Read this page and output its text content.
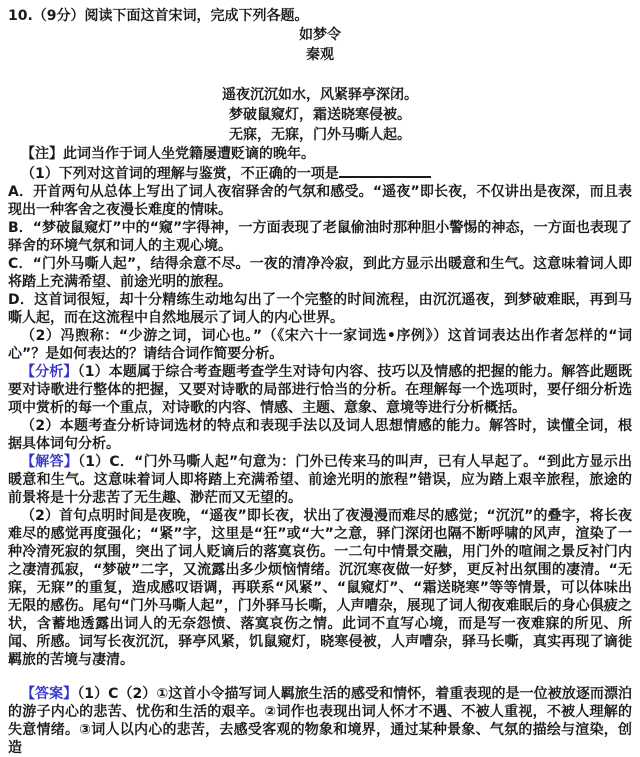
10.（9分）阅读下面这首宋词，完成下列各题。

如梦令
秦观
遥夜沉沉如水，风紧驿亭深闭。
梦破鼠窥灯，霜送晓寒侵被。
无寐，无寐，门外马嘶人起。

【注】此词当作于词人坐党籍屡遭贬谪的晚年。

（1）下列对这首词的理解与鉴赏，不正确的一项是

A．开首两句从总体上写出了词人夜宿驿舍的气氛和感受。“遥夜”即长夜，不仅讲出是夜深，而且表现出一种客舍之夜漫长难度的情味。

B．“梦破鼠窥灯”中的“窥”字得神，一方面表现了老鼠偷油时那种胆小警惕的神态，一方面也表现了驿舍的环境气氛和词人的主观心境。

C．“门外马嘶人起”，结得余意不尽。一夜的清净冷寂，到此方显示出暖意和生气。这意味着词人即将踏上充满希望、前途光明的旅程。

D．这首词很短，却十分精练生动地勾出了一个完整的时间流程，由沉沉遥夜，到梦破难眠，再到马嘶人起，而在这流程中自然地展示了词人的内心世界。

（2）冯煦称：“少游之词，词心也。”（《宋六十一家词选•序例》）这首词表达出作者怎样的“词心”？是如何表达的？请结合词作简要分析。

【分析】（1）本题属于综合考查题考查学生对诗句内容、技巧以及情感的把握的能力。解答此题既要对诗歌进行整体的把握，又要对诗歌的局部进行恰当的分析。在理解每一个选项时，要仔细分析选项中赏析的每一个重点，对诗歌的内容、情感、主题、意象、意境等进行分析概括。

（2）本题考查分析诗词选材的特点和表现手法以及词人思想情感的能力。解答时，读懂全词，根据具体词句分析。

【解答】（1）C．“门外马嘶人起”句意为：门外已传来马的叫声，已有人早起了。“到此方显示出暖意和生气。这意味着词人即将踏上充满希望、前途光明的旅程”错误，应为踏上艰辛旅程，旅途的前景将是十分悲苦了无生趣、渺茫而又无望的。

（2）首句点明时间是夜晚，“遥夜”即长夜，状出了夜漫漫而难尽的感觉；“沉沉”的叠字，将长夜难尽的感觉再度强化；“紧”字，这里是“狂”或“大”之意，驿门深闭也隔不断呼啸的风声，渲染了一种冷清死寂的氛围，突出了词人贬谪后的落寞哀伤。一二句中情景交融，用门外的喧闹之景反衬门内之凄清孤寂，“梦破”二字，又流露出多少烦恼情绪。沉沉寒夜做一好梦，更反衬出氛围的凄清。“无寐，无寐”的重复，造成感叹语调，再联系“风紧”、“鼠窥灯”、“霜送晓寒”等等情景，可以体味出无限的感伤。尾句“门外马嘶人起”，门外驿马长嘶，人声嘈杂，展现了词人彻夜难眠后的身心俱疲之状，含蓄地透露出词人的无奈怨愤、落寞哀伤之情。此词不直写心境，而是写一夜难寐的所见、所闻、所感。词写长夜沉沉，驿亭风紧，饥鼠窥灯，晓寒侵被，人声嘈杂，驿马长嘶，真实再现了谪徙羁旅的苦境与凄清。

【答案】（1）C（2）①这首小令描写词人羁旅生活的感受和情怀，着重表现的是一位被放逐而漂泊的游子内心的悲苦、忧伤和生活的艰辛。②词作也表现出词人怀才不遇、不被人重视，不被人理解的失意情绪。③词人以内心的悲苦，去感受客观的物象和境界，通过某种景象、气氛的描绘与渲染，创造
